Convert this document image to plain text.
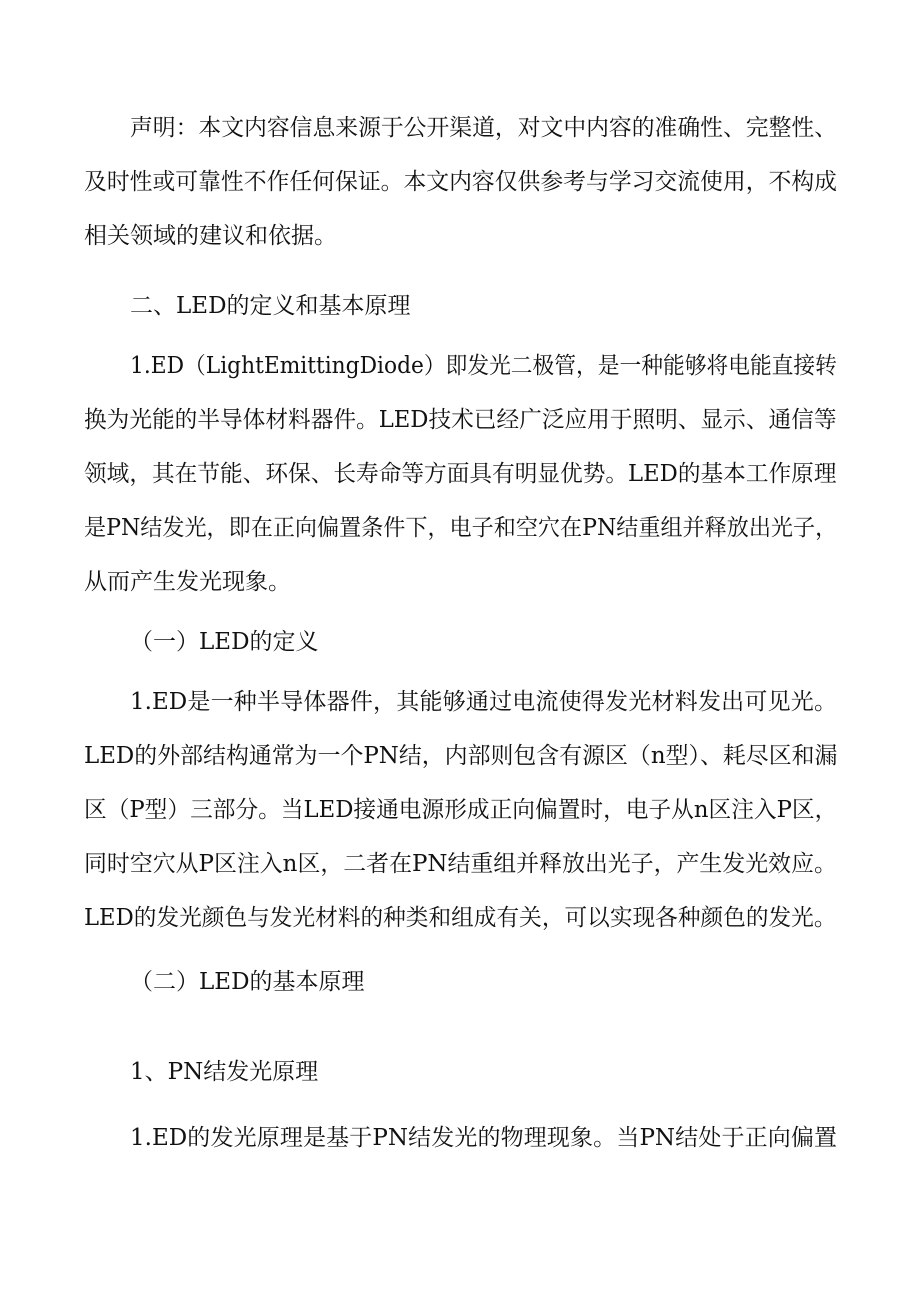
声明：本文内容信息来源于公开渠道，对文中内容的准确性、完整性、
及时性或可靠性不作任何保证。本文内容仅供参考与学习交流使用，不构成
相关领域的建议和依据。
二、LED的定义和基本原理
1.ED（LightEmittingDiode）即发光二极管，是一种能够将电能直接转
换为光能的半导体材料器件。LED技术已经广泛应用于照明、显示、通信等
领域，其在节能、环保、长寿命等方面具有明显优势。LED的基本工作原理
是PN结发光，即在正向偏置条件下，电子和空穴在PN结重组并释放出光子，
从而产生发光现象。
（一）LED的定义
1.ED是一种半导体器件，其能够通过电流使得发光材料发出可见光。
LED的外部结构通常为一个PN结，内部则包含有源区（n型）、耗尽区和漏
区（P型）三部分。当LED接通电源形成正向偏置时，电子从n区注入P区，
同时空穴从P区注入n区，二者在PN结重组并释放出光子，产生发光效应。
LED的发光颜色与发光材料的种类和组成有关，可以实现各种颜色的发光。
（二）LED的基本原理
1、PN结发光原理
1.ED的发光原理是基于PN结发光的物理现象。当PN结处于正向偏置
